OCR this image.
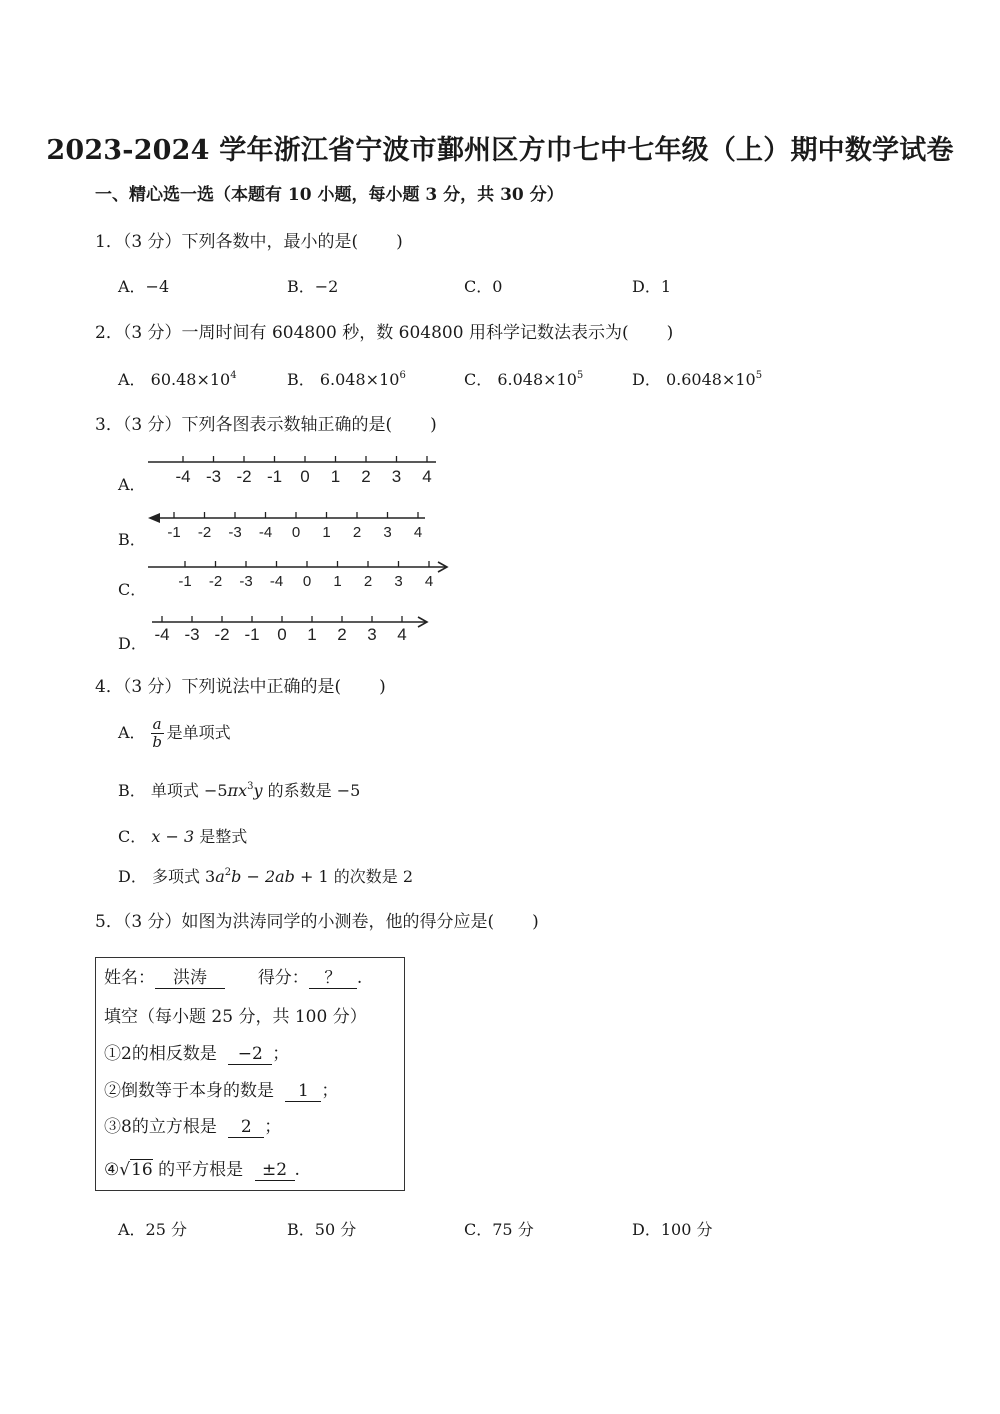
2023-2024 学年浙江省宁波市鄞州区方巾七中七年级（上）期中数学试卷
一、精心选一选（本题有 10 小题，每小题 3 分，共 30 分）
1．（3 分）下列各数中，最小的是( )
A．−4	B．−2	C．0	D．1
2．（3 分）一周时间有 604800 秒，数 604800 用科学记数法表示为( )
A． $60.48\times 10^4$	B． $6.048\times 10^6$	C． $6.048\times 10^5$	D． $0.6048\times 10^5$
3．（3 分）下列各图表示数轴正确的是( )
A．
B．
C．
D．
-4 -3 -2 -1 0 1 2 3 4
-1 -2 -3 -4 0 1 2 3 4
-1 -2 -3 -4 0 1 2 3 4
-4 -3 -2 -1 0 1 2 3 4
4．（3 分）下列说法中正确的是( )
A． $\frac{a}{b}$ 是单项式
B． 单项式 $-5\pi x^3y$ 的系数是 −5
C． x − 3 是整式
D． 多项式 $3a^2b - 2ab + 1$ 的次数是 2
5．（3 分）如图为洪涛同学的小测卷，他的得分应是( )
姓名： 洪涛	得分： ？ .
填空（每小题 25 分，共 100 分）
①2的相反数是 −2 ；
②倒数等于本身的数是 1 ；
③8的立方根是 2 ；
④√16 的平方根是 ±2 .
A．25 分	B．50 分	C．75 分	D．100 分
